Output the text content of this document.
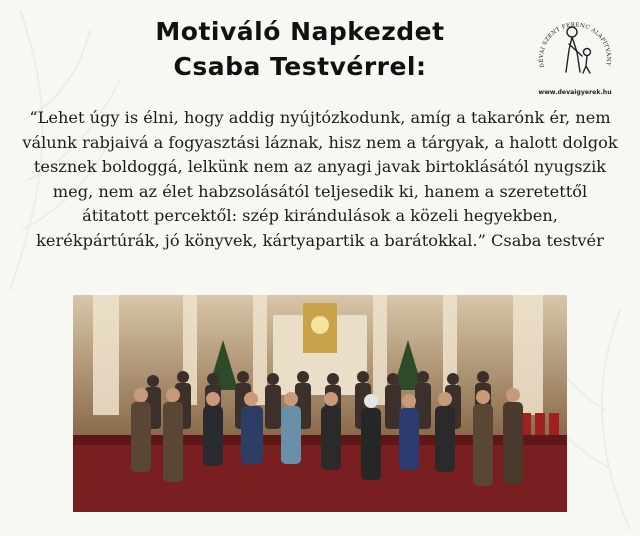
Motiváló Napkezdet
Csaba Testvérrel:	DÉVAI SZENT FERENC ALAPÍTVÁNY
www.devaigyerek.hu
“Lehet úgy is élni, hogy addig nyújtózkodunk, amíg a takarónk ér, nem válunk rabjaivá a fogyasztási láznak, hisz nem a tárgyak, a halott dolgok tesznek boldoggá, lelkünk nem az anyagi javak birtoklásától nyugszik meg, nem az élet habzsolásától teljesedik ki, hanem a szeretettől átitatott percektől: szép kirándulások a közeli hegyekben, kerékpártúrák, jó könyvek, kártyapartik a barátokkal.” Csaba testvér
